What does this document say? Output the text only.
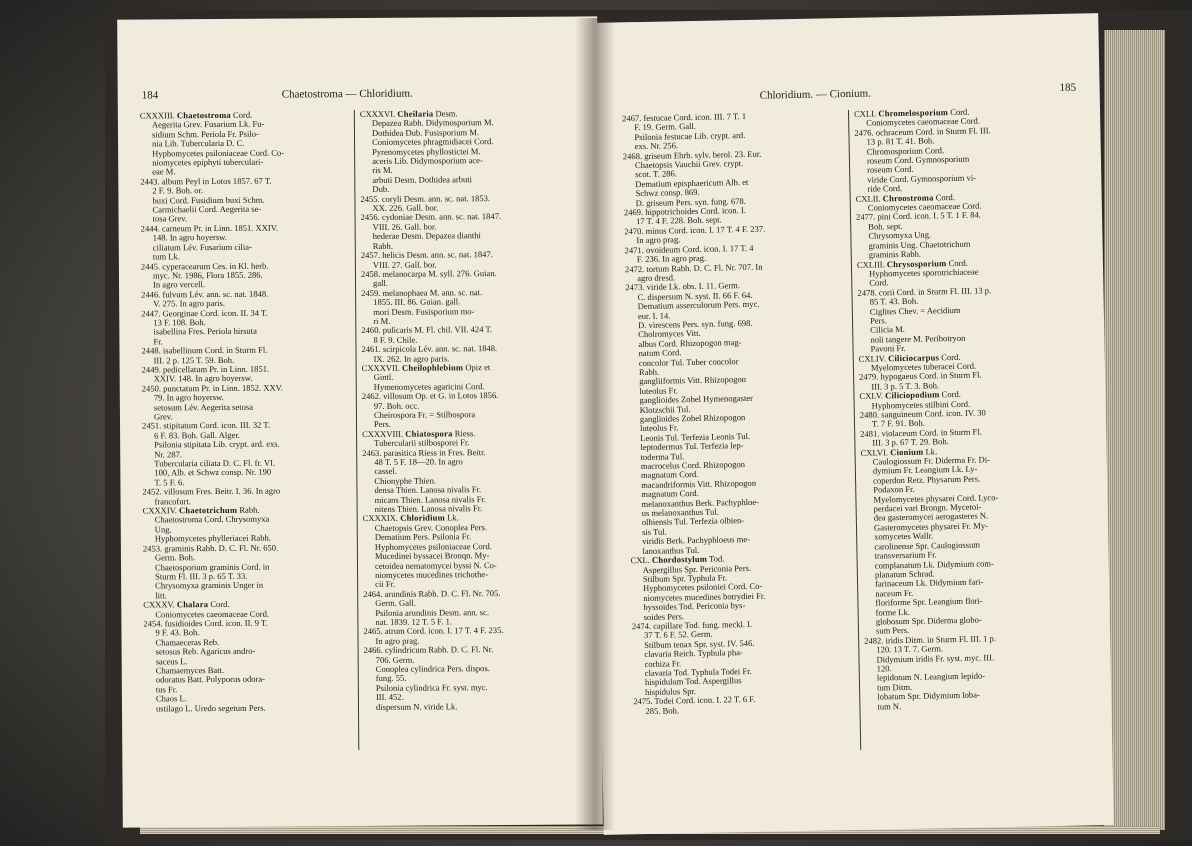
184	Chaetostroma — Chloridium.

CXXXIII. Chaetostroma Cord.

Aegerita Grev. Fusarium Lk. Fu-

sidium Schm. Periola Fr. Psilo-

nia Lib. Tubercularia D. C.

Hyphomycetes psiloniaceae Cord. Co-

niomycetes epiphyti tuberculari-

eae M.

2443. album Peyl in Lotos 1857. 67 T.

2 F. 9. Boh. or.

buxi Cord. Fusidium buxi Schm.

Carmichaelii Cord. Aegerita se-

tosa Grev.

2444. carneum Pr. in Linn. 1851. XXIV.

148. In agro hoyersw.

ciliatum Lév. Fusarium cilia-

tum Lk.

2445. cyperacearum Ces. in Kl. herb.

myc. Nr. 1986, Flora 1855. 286.

In agro vercell.

2446. fulvum Lév. ann. sc. nat. 1848.

V. 275. In agro paris.

2447. Georginae Cord. icon. II. 34 T.

13 F. 108. Boh.

isabellina Fres. Periola hirsuta

Fr.

2448. isabellinum Cord. in Sturm Fl.

III. 2 p. 125 T. 59. Boh.

2449. pedicellatum Pr. in Linn. 1851.

XXIV. 148. In agro hoyersw.

2450. punctatum Pr. in Linn. 1852. XXV.

79. In agro hoyersw.

setosum Lév. Aegerita setosa

Grev.

2451. stipitatum Cord. icon. III. 32 T.

6 F. 83. Boh. Gall. Alger.

Psilonia stipitata Lib. crypt. ard. exs.

Nr. 287.

Tubercularia ciliata D. C. Fl. fr. VI.

100, Alb. et Schwz consp. Nr. 190

T. 5 F. 6.

2452. villosum Fres. Beitr. I. 36. In agro

francofurt.

CXXXIV. Chaetotrichum Rabh.

Chaetostroma Cord. Chrysomyxa

Ung.

Hyphomycetes phylleriacei Rabh.

2453. graminis Rabh. D. C. Fl. Nr. 650.

Germ. Boh.

Chaetosporium graminis Cord. in

Sturm Fl. III. 3 p. 65 T. 33.

Chrysomyxa graminis Unger in

litt.

CXXXV. Chalara Cord.

Coniomycetes caeomaceae Cord.

2454. fusidioides Cord. icon. II. 9 T.

9 F. 43. Boh.

Chamaeceras Reb.

setosus Reb. Agaricus andro-

saceus L.

Chamaemyces Batt.

odoratus Batt. Polyporus odora-

tus Fr.

Chaos L.

ustilago L. Uredo segetum Pers.

CXXXVI. Cheilaria Desm.

Depazea Rabh. Didymosporium M.

Dothidea Dub. Fusisporium M.

Coniomycetes phragmidiacei Cord.

Pyrenomycetes phyllostictei M.

aceris Lib. Didymosporium ace-

ris M.

arbuti Desm. Dothidea arbuti

Dub.

2455. coryli Desm. ann. sc. nat. 1853.

XX. 226. Gall. bor.

2456. cydoniae Desm. ann. sc. nat. 1847.

VIII. 26. Gall. bor.

hederae Desm. Depazea dianthi

Rabh.

2457. helicis Desm. ann. sc. nat. 1847.

VIII. 27. Gall. bor.

2458. melanocarpa M. syll. 276. Guian.

gall.

2459. melanophaea M. ann. sc. nat.

1855. III. 86. Guian. gall.

mori Desm. Fusisporium mo-

ri M.

2460. pulicaris M. Fl. chil. VII. 424 T.

8 F. 9. Chile.

2461. scirpicola Lév. ann. sc. nat. 1848.

IX. 262. In agro paris.

CXXXVII. Cheilophlebium Opiz et

Gintl.

Hymenomycetes agaricini Cord.

2462. villosum Op. et G. in Lotos 1856.

97. Boh. occ.

Cheirospora Fr. = Stilbospora

Pers.

CXXXVIII. Chiatospora Riess.

Tubercularii stilbosporei Fr.

2463. parasitica Riess in Fres. Beitr.

48 T. 5 F. 18—20. In agro

cassel.

Chionyphe Thien.

densa Thien. Lanosa nivalis Fr.

micans Thien. Lanosa nivalis Fr.

nitens Thien. Lanosa nivalis Fr.

CXXXIX. Chloridium Lk.

Chaetopsis Grev. Conoplea Pers.

Dematium Pers. Psilonia Fr.

Hyphomycetes psiloniaceae Cord.

Mucedinei byssacei Bronqn. My-

cetoidea nematomycei byssi N. Co-

niomycetes mucedines trichothe-

cii Fr.

2464. arundinis Rabh. D. C. Fl. Nr. 705.

Germ. Gall.

Psilonia arundinis Desm. ann. sc.

nat. 1839. 12 T. 5 F. 1.

2465. atrum Cord. icon. I. 17 T. 4 F. 235.

In agro prag.

2466. cylindricum Rabh. D. C. Fl. Nr.

706. Germ.

Conoplea cylindrica Pers. dispos.

fung. 55.

Psilonia cylindrica Fr. syst. myc.

III. 452.

dispersum N. viride Lk.

Chloridium. — Cionium.	185

2467. festucae Cord. icon. III. 7 T. 1

F. 19. Germ. Gall.

Psilonia festucae Lib. crypt. ard.

exs. Nr. 256.

2468. griseum Ehrb. sylv. berol. 23. Eur.

Chaetopsis Vauchii Grev. crypt.

scot. T. 286.

Dematium episphaericum Alb. et

Schwz consp. 869.

D. griseum Pers. syn. fung. 678.

2469. hippotrichoides Cord. icon. I.

17 T. 4 F. 228. Boh. sept.

2470. minus Cord. icon. I. 17 T. 4 F. 237.

In agro prag.

2471. ovoideum Cord. icon. I. 17 T. 4

F. 236. In agro prag.

2472. tortum Rabh. D. C. Fl. Nr. 707. In

agro dresd.

2473. viride Lk. obs. I. 11. Germ.

C. dispersum N. syst. II. 66 F. 64.

Dematium asserculorum Pers. myc.

eur. I. 14.

D. virescens Pers. syn. fung. 698.

Cholromyces Vitt.

albus Cord. Rhizopogon mag-

natum Cord.

concolor Tul. Tuber concolor

Rabh.

gangliiformis Vitt. Rhizopogon

luteolus Fr.

ganglioides Zobel Hymenogaster

Klotzschii Tul.

ganglioides Zobel Rhizopogon

luteolus Fr.

Leonis Tul. Terfezia Leonis Tul.

leptodermus Tul. Terfezia lep-

toderma Tul.

macrocelus Cord. Rhizopogon

magnatum Cord.

macandriformis Vitt. Rhizopogon

magnatum Cord.

melanoxanthus Berk. Pachyphloe-

us melanoxanthus Tul.

olbiensis Tul. Terfezia olbien-

sis Tul.

viridis Berk. Pachyphloeus me-

lanoxanthus Tul.

CXL. Chordostylum Tod.

Aspergillus Spr. Periconia Pers.

Stilbum Spr. Typhula Fr.

Hyphomycetes psiloniei Cord. Co-

niomycetes mucedines botrydiei Fr.

byssoides Tod. Periconia bys-

soides Pers.

2474. capillare Tod. fung. meckl. I.

37 T. 6 F. 52. Germ.

Stilbum tenax Spr. syst. IV. 546.

clavaria Reich. Typhula pha-

corhiza Fr.

clavaria Tod. Typhula Todei Fr.

hispidulum Tod. Aspergillus

hispidulus Spr.

2475. Todei Cord. icon. I. 22 T. 6 F.

285. Boh.

CXLI. Chromelosporium Cord.

Coniomycetes caeomaceae Cord.

2476. ochraceum Cord. in Sturm Fl. III.

13 p. 81 T. 41. Boh.

Chromosporium Cord.

roseum Cord. Gymnosporium

roseum Cord.

viride Cord. Gymnosporium vi-

ride Cord.

CXLII. Chroostroma Cord.

Coniomycetes caeomaceae Cord.

2477. pini Cord. icon. I. 5 T. 1 F. 84.

Boh. sept.

Chrysomyxa Ung.

graminis Ung. Chaetotrichum

graminis Rabh.

CXLIII. Chrysosporium Cord.

Hyphomycetes sporotrichiaceae

Cord.

2478. corii Cord. in Sturm Fl. III. 13 p.

85 T. 43. Boh.

Ciglites Chev. = Aecidium

Pers.

Cilicia M.

noli tangere M. Peribotryon

Pavoni Fr.

CXLIV. Ciliciocarpus Cord.

Myelomycetes tuberacei Cord.

2479. hypogaeus Cord. in Sturm Fl.

III. 3 p. 5 T. 3. Boh.

CXLV. Ciliciopodium Cord.

Hyphomycetes stilbini Cord.

2480. sanguineum Cord. icon. IV. 30

T. 7 F. 91. Boh.

2481. violaceum Cord. in Sturm Fl.

III. 3 p. 67 T. 29. Boh.

CXLVI. Cionium Lk.

Caulogiossum Fr. Diderma Fr. Di-

dymium Fr. Leangium Lk. Ly-

coperdon Retz. Physarum Pers.

Podaxon Fr.

Myelomycetes physarei Cord. Lyco-

perdacei vari Brongn. Mycetoi-

dea gasteromycei aerogasteres N.

Gasteromycetes physarei Fr. My-

xomycetes Wallr.

carolinense Spr. Caulogiossum

transversarium Fr.

complanatum Lk. Didymium com-

planatum Schrad.

farinaceum Lk. Didymium fari-

naceum Fr.

floriforme Spr. Leangium flori-

forme Lk.

globosum Spr. Diderma globo-

sum Pers.

2482. iridis Ditm. in Sturm Fl. III. 1 p.

120. 13 T. 7. Germ.

Didymium iridis Fr. syst. myc. III.

120.

lepidotum N. Leangium lepido-

tum Ditm.

lobatum Spr. Didymium loba-

tum N.
